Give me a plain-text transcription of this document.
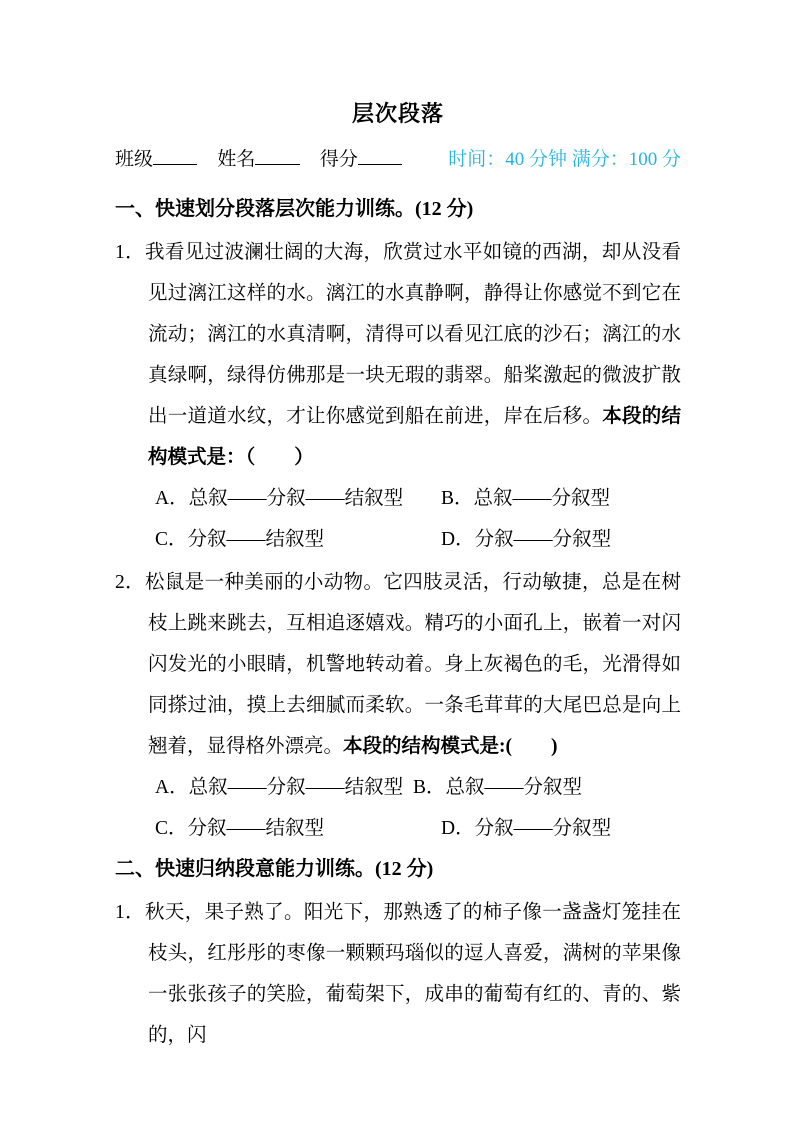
层次段落
班级	姓名	得分	时间：40 分钟 满分：100 分
一、快速划分段落层次能力训练。(12 分)

1．我看见过波澜壮阔的大海，欣赏过水平如镜的西湖，却从没看见过漓江这样的水。漓江的水真静啊，静得让你感觉不到它在流动；漓江的水真清啊，清得可以看见江底的沙石；漓江的水真绿啊，绿得仿佛那是一块无瑕的翡翠。船桨激起的微波扩散出一道道水纹，才让你感觉到船在前进，岸在后移。本段的结构模式是：（　　）

A．总叙——分叙——结叙型	B．总叙——分叙型
C．分叙——结叙型	D．分叙——分叙型

2．松鼠是一种美丽的小动物。它四肢灵活，行动敏捷，总是在树枝上跳来跳去，互相追逐嬉戏。精巧的小面孔上，嵌着一对闪闪发光的小眼睛，机警地转动着。身上灰褐色的毛，光滑得如同搽过油，摸上去细腻而柔软。一条毛茸茸的大尾巴总是向上翘着，显得格外漂亮。本段的结构模式是:(　　)

A．总叙——分叙——结叙型 B．总叙——分叙型
C．分叙——结叙型	D．分叙——分叙型
二、快速归纳段意能力训练。(12 分)

1．秋天，果子熟了。阳光下，那熟透了的柿子像一盏盏灯笼挂在枝头，红彤彤的枣像一颗颗玛瑙似的逗人喜爱，满树的苹果像一张张孩子的笑脸，葡萄架下，成串的葡萄有红的、青的、紫的，闪
